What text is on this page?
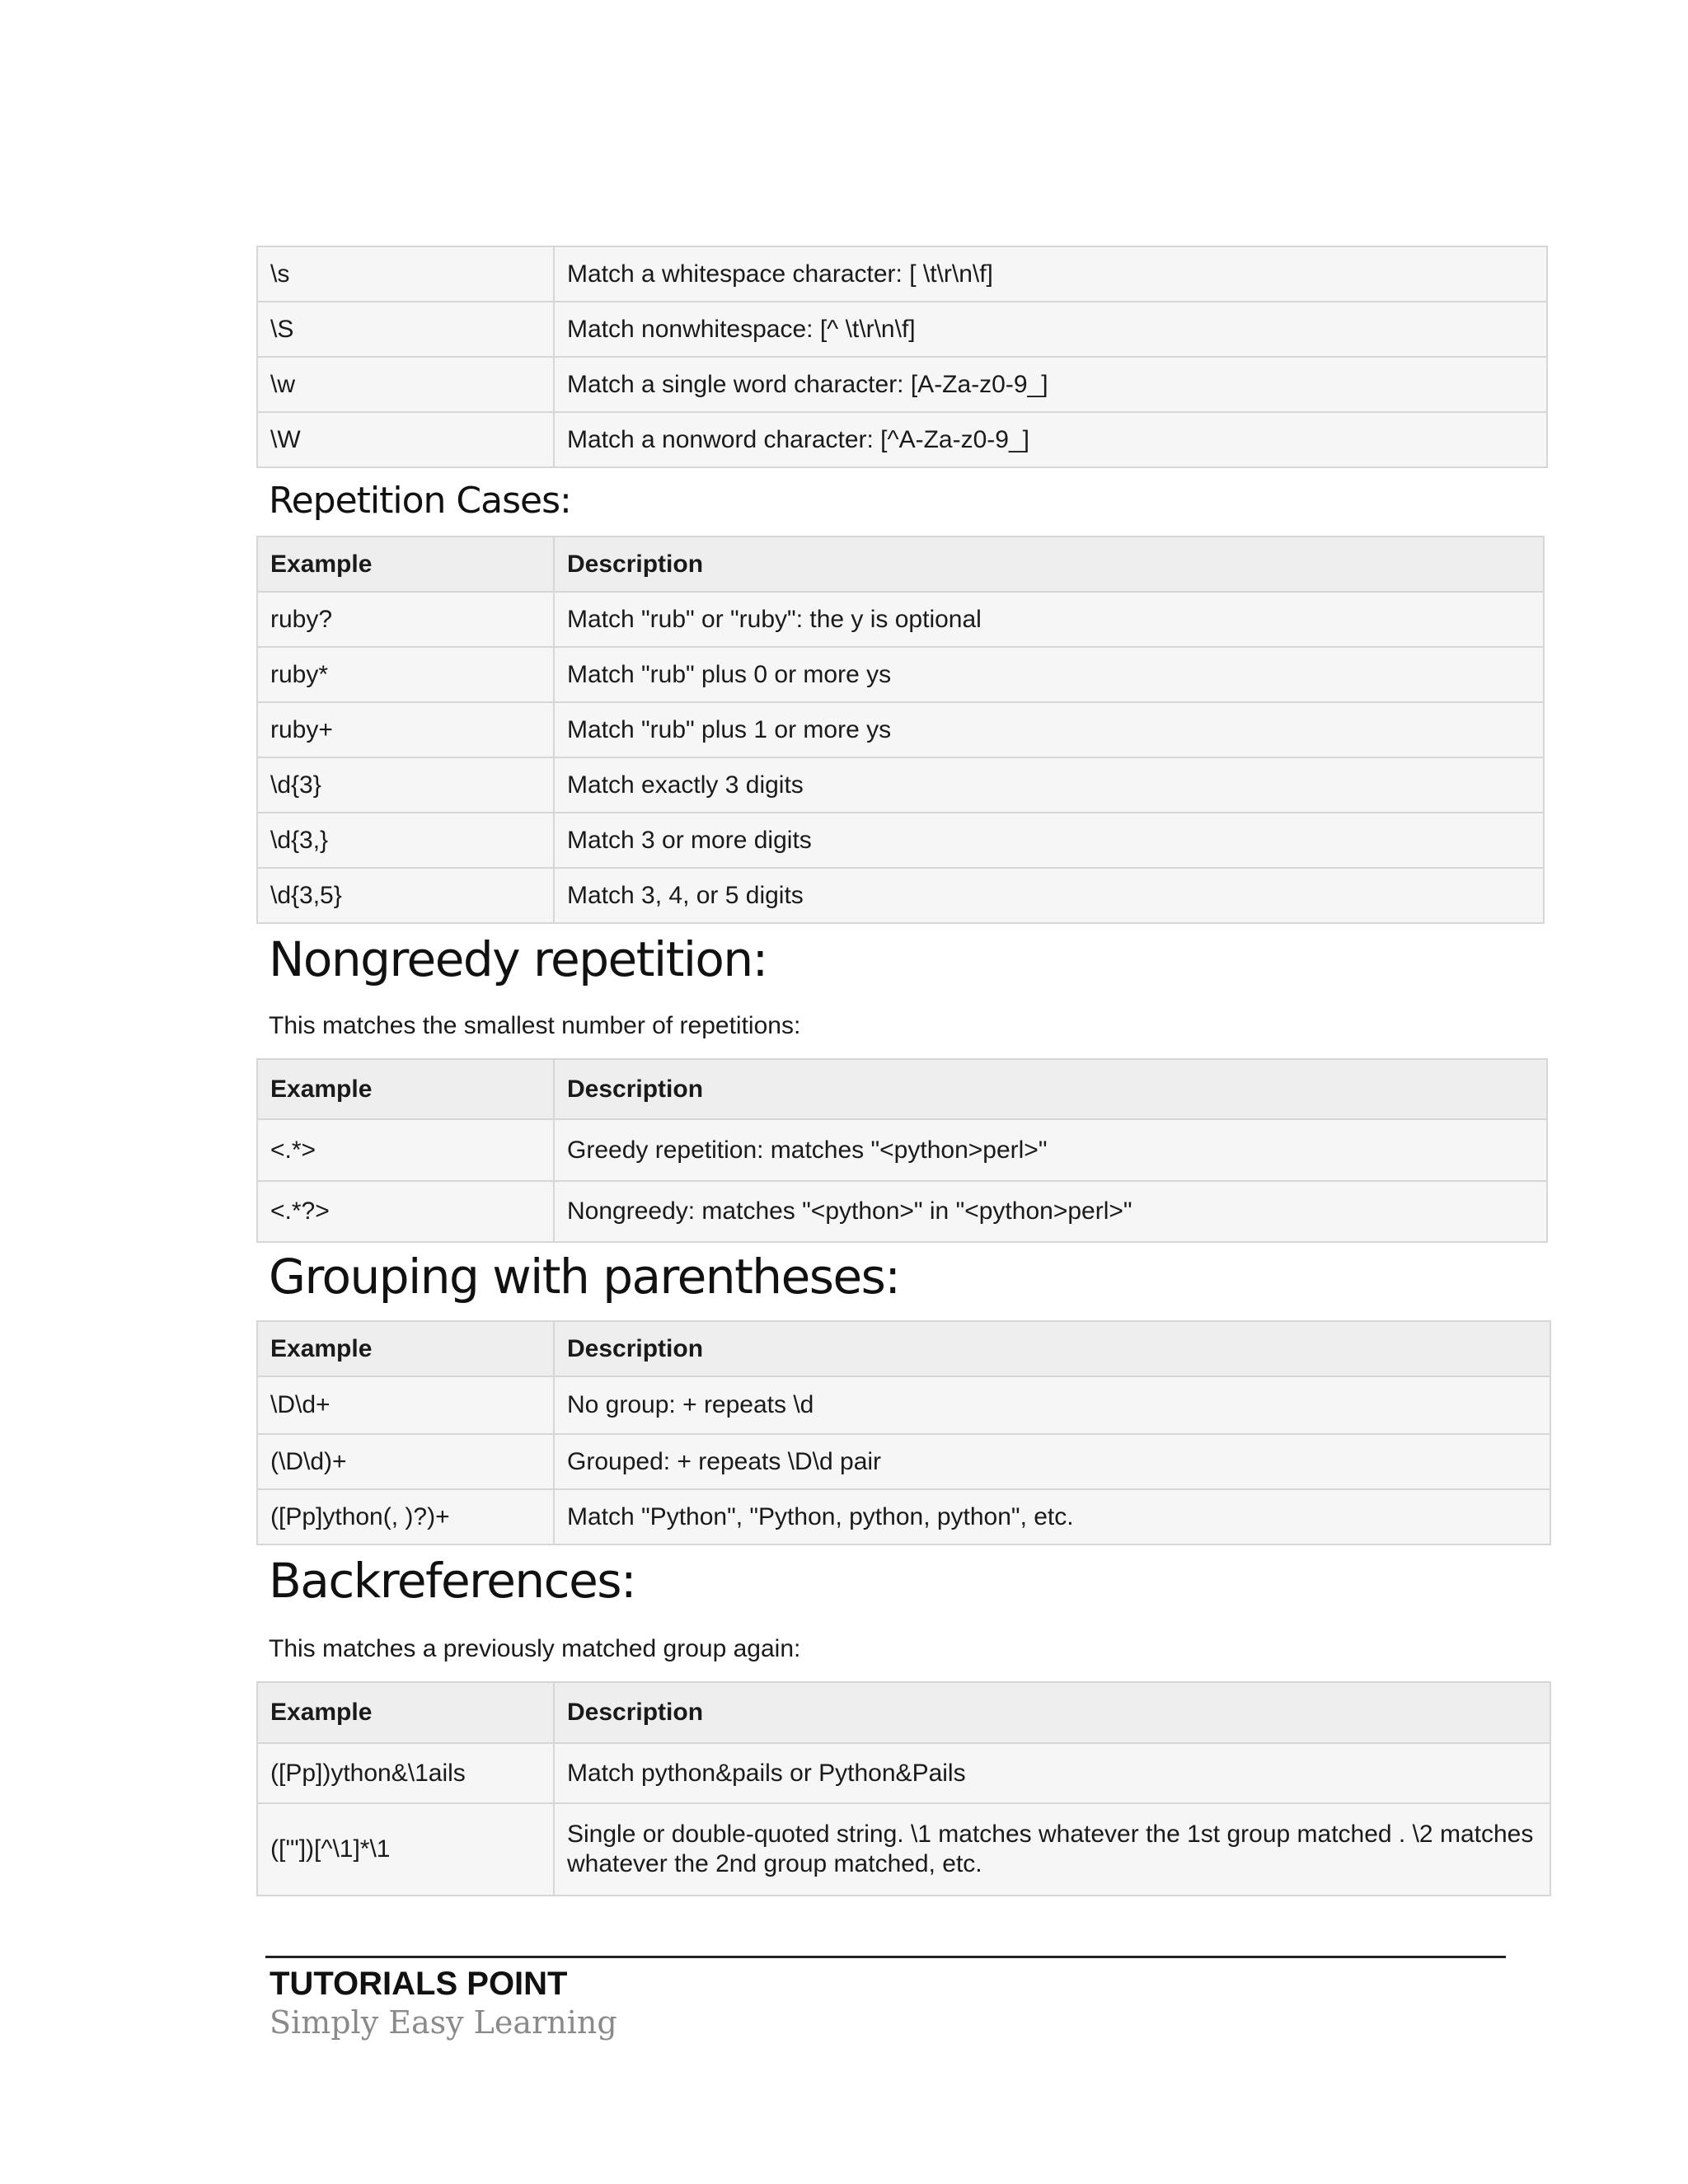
\s	Match a whitespace character: [ \t\r\n\f]
\S	Match nonwhitespace: [^ \t\r\n\f]
\w	Match a single word character: [A-Za-z0-9_]
\W	Match a nonword character: [^A-Za-z0-9_]
Repetition Cases:
Example	Description
ruby?	Match "rub" or "ruby": the y is optional
ruby*	Match "rub" plus 0 or more ys
ruby+	Match "rub" plus 1 or more ys
\d{3}	Match exactly 3 digits
\d{3,}	Match 3 or more digits
\d{3,5}	Match 3, 4, or 5 digits
Nongreedy repetition:

This matches the smallest number of repetitions:

Example	Description
<.*>	Greedy repetition: matches "<python>perl>"
<.*?>	Nongreedy: matches "<python>" in "<python>perl>"
Grouping with parentheses:
Example	Description
\D\d+	No group: + repeats \d
(\D\d)+	Grouped: + repeats \D\d pair
([Pp]ython(, )?)+	Match "Python", "Python, python, python", etc.
Backreferences:

This matches a previously matched group again:

Example	Description
([Pp])ython&\1ails	Match python&pails or Python&Pails
(['"])[^\1]*\1	Single or double-quoted string. \1 matches whatever the 1st group matched . \2 matches whatever the 2nd group matched, etc.

TUTORIALS POINT

Simply Easy Learning
